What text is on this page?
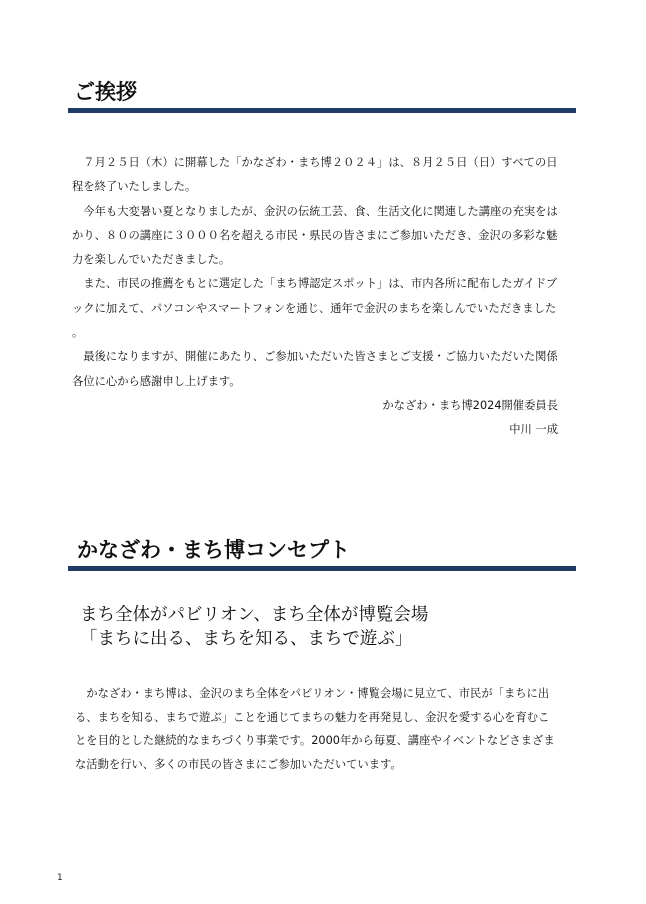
ご挨拶

７月２５日（木）に開幕した「かなざわ・まち博２０２４」は、８月２５日（日）すべての日程を終了いたしました。

今年も大変暑い夏となりましたが、金沢の伝統工芸、食、生活文化に関連した講座の充実をはかり、８０の講座に３０００名を超える市民・県民の皆さまにご参加いただき、金沢の多彩な魅力を楽しんでいただきました。

また、市民の推薦をもとに選定した「まち博認定スポット」は、市内各所に配布したガイドブックに加えて、パソコンやスマートフォンを通じ、通年で金沢のまちを楽しんでいただきました。

最後になりますが、開催にあたり、ご参加いただいた皆さまとご支援・ご協力いただいた関係各位に心から感謝申し上げます。

かなざわ・まち博2024開催委員長

中川 一成

かなざわ・まち博コンセプト
まち全体がパビリオン、まち全体が博覧会場
「まちに出る、まちを知る、まちで遊ぶ」

かなざわ・まち博は、金沢のまち全体をパビリオン・博覧会場に見立て、市民が「まちに出る、まちを知る、まちで遊ぶ」ことを通じてまちの魅力を再発見し、金沢を愛する心を育むことを目的とした継続的なまちづくり事業です。2000年から毎夏、講座やイベントなどさまざまな活動を行い、多くの市民の皆さまにご参加いただいています。

1
